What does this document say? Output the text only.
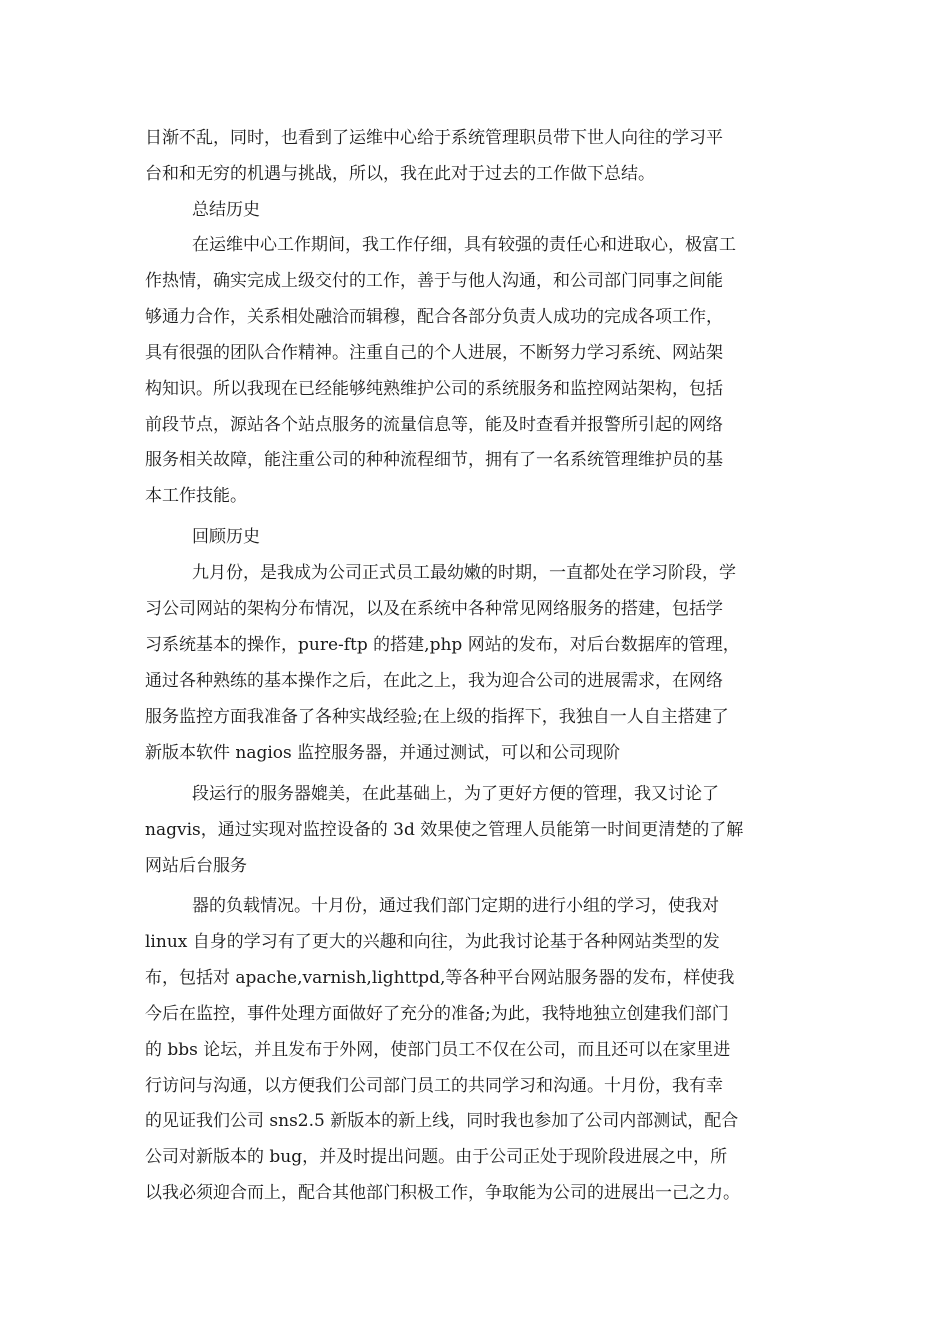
日渐不乱，同时，也看到了运维中心给于系统管理职员带下世人向往的学习平
台和和无穷的机遇与挑战，所以，我在此对于过去的工作做下总结。
总结历史
在运维中心工作期间，我工作仔细，具有较强的责任心和进取心，极富工
作热情，确实完成上级交付的工作，善于与他人沟通，和公司部门同事之间能
够通力合作，关系相处融洽而辑穆，配合各部分负责人成功的完成各项工作，
具有很强的团队合作精神。注重自己的个人进展，不断努力学习系统、网站架
构知识。所以我现在已经能够纯熟维护公司的系统服务和监控网站架构，包括
前段节点，源站各个站点服务的流量信息等，能及时查看并报警所引起的网络
服务相关故障，能注重公司的种种流程细节，拥有了一名系统管理维护员的基
本工作技能。
回顾历史
九月份，是我成为公司正式员工最幼嫩的时期，一直都处在学习阶段，学
习公司网站的架构分布情况，以及在系统中各种常见网络服务的搭建，包括学
习系统基本的操作，pure-ftp 的搭建,php 网站的发布，对后台数据库的管理，
通过各种熟练的基本操作之后，在此之上，我为迎合公司的进展需求，在网络
服务监控方面我准备了各种实战经验;在上级的指挥下，我独自一人自主搭建了
新版本软件 nagios 监控服务器，并通过测试，可以和公司现阶
段运行的服务器媲美，在此基础上，为了更好方便的管理，我又讨论了
nagvis，通过实现对监控设备的 3d 效果使之管理人员能第一时间更清楚的了解
网站后台服务
器的负载情况。十月份，通过我们部门定期的进行小组的学习，使我对
linux 自身的学习有了更大的兴趣和向往，为此我讨论基于各种网站类型的发
布，包括对 apache,varnish,lighttpd,等各种平台网站服务器的发布，样使我
今后在监控，事件处理方面做好了充分的准备;为此，我特地独立创建我们部门
的 bbs 论坛，并且发布于外网，使部门员工不仅在公司，而且还可以在家里进
行访问与沟通，以方便我们公司部门员工的共同学习和沟通。十月份，我有幸
的见证我们公司 sns2.5 新版本的新上线，同时我也参加了公司内部测试，配合
公司对新版本的 bug，并及时提出问题。由于公司正处于现阶段进展之中，所
以我必须迎合而上，配合其他部门积极工作，争取能为公司的进展出一己之力。
